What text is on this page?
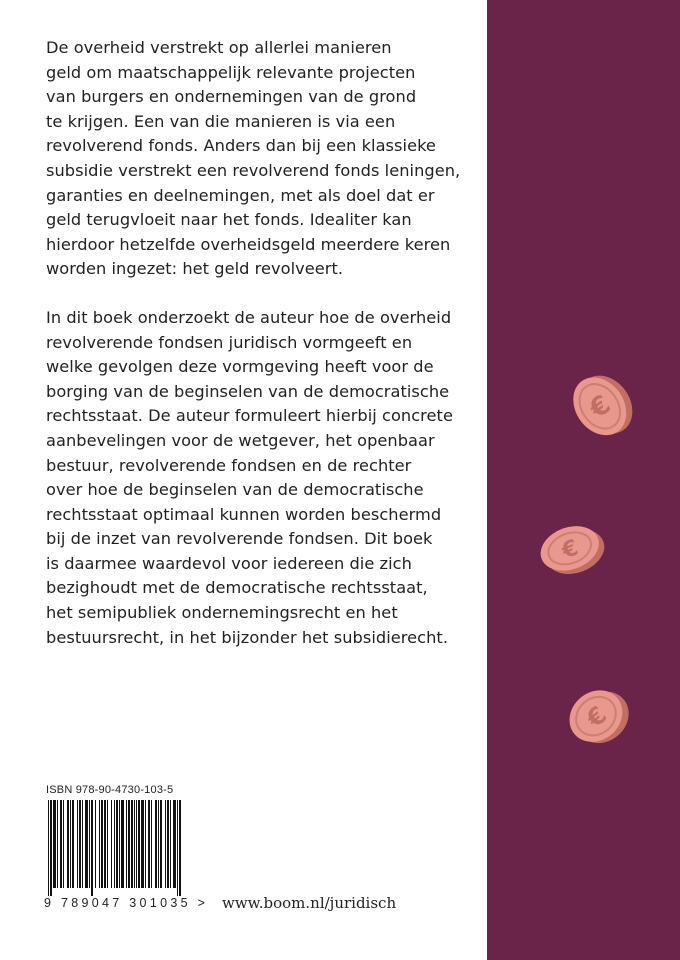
De overheid verstrekt op allerlei manieren
geld om maatschappelijk relevante projecten
van burgers en ondernemingen van de grond
te krijgen. Een van die manieren is via een
revolverend fonds. Anders dan bij een klassieke
subsidie verstrekt een revolverend fonds leningen,
garanties en deelnemingen, met als doel dat er
geld terugvloeit naar het fonds. Idealiter kan
hierdoor hetzelfde overheidsgeld meerdere keren
worden ingezet: het geld revolveert.

In dit boek onderzoekt de auteur hoe de overheid
revolverende fondsen juridisch vormgeeft en
welke gevolgen deze vormgeving heeft voor de
borging van de beginselen van de democratische
rechtsstaat. De auteur formuleert hierbij concrete
aanbevelingen voor de wetgever, het openbaar
bestuur, revolverende fondsen en de rechter
over hoe de beginselen van de democratische
rechtsstaat optimaal kunnen worden beschermd
bij de inzet van revolverende fondsen. Dit boek
is daarmee waardevol voor iedereen die zich
bezighoudt met de democratische rechtsstaat,
het semipubliek ondernemingsrecht en het
bestuursrecht, in het bijzonder het subsidierecht.

€
€
€
ISBN 978-90-4730-103-5
9 789047 301035 > www.boom.nl/juridisch
